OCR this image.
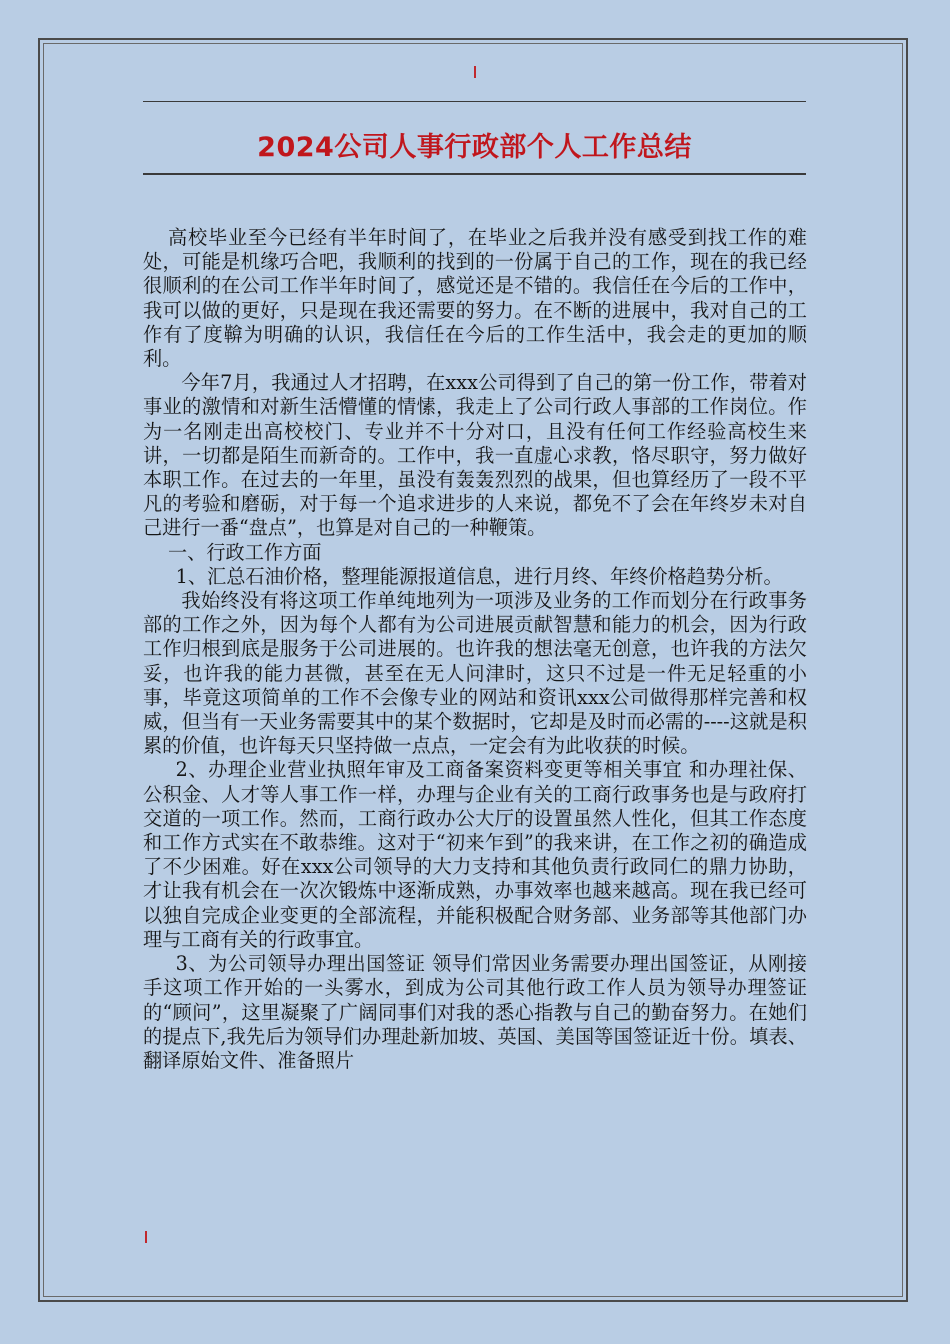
2024公司人事行政部个人工作总结

高校毕业至今已经有半年时间了，在毕业之后我并没有感受到找工作的难处，可能是机缘巧合吧，我顺利的找到的一份属于自己的工作，现在的我已经很顺利的在公司工作半年时间了，感觉还是不错的。我信任在今后的工作中，我可以做的更好，只是现在我还需要的努力。在不断的进展中，我对自己的工作有了度鞥为明确的认识，我信任在今后的工作生活中，我会走的更加的顺利。

今年7月，我通过人才招聘，在xxx公司得到了自己的第一份工作，带着对事业的激情和对新生活懵懂的情愫，我走上了公司行政人事部的工作岗位。作为一名刚走出高校校门、专业并不十分对口，且没有任何工作经验高校生来讲，一切都是陌生而新奇的。工作中，我一直虚心求教，恪尽职守，努力做好本职工作。在过去的一年里，虽没有轰轰烈烈的战果，但也算经历了一段不平凡的考验和磨砺，对于每一个追求进步的人来说，都免不了会在年终岁未对自己进行一番“盘点”，也算是对自己的一种鞭策。

一、行政工作方面

1、汇总石油价格，整理能源报道信息，进行月终、年终价格趋势分析。

我始终没有将这项工作单纯地列为一项涉及业务的工作而划分在行政事务部的工作之外，因为每个人都有为公司进展贡献智慧和能力的机会，因为行政工作归根到底是服务于公司进展的。也许我的想法毫无创意，也许我的方法欠妥，也许我的能力甚微，甚至在无人问津时，这只不过是一件无足轻重的小事，毕竟这项简单的工作不会像专业的网站和资讯xxx公司做得那样完善和权威，但当有一天业务需要其中的某个数据时，它却是及时而必需的----这就是积累的价值，也许每天只坚持做一点点，一定会有为此收获的时候。

2、办理企业营业执照年审及工商备案资料变更等相关事宜 和办理社保、公积金、人才等人事工作一样，办理与企业有关的工商行政事务也是与政府打交道的一项工作。然而，工商行政办公大厅的设置虽然人性化，但其工作态度和工作方式实在不敢恭维。这对于“初来乍到”的我来讲，在工作之初的确造成了不少困难。好在xxx公司领导的大力支持和其他负责行政同仁的鼎力协助，才让我有机会在一次次锻炼中逐渐成熟，办事效率也越来越高。现在我已经可以独自完成企业变更的全部流程，并能积极配合财务部、业务部等其他部门办理与工商有关的行政事宜。

3、为公司领导办理出国签证 领导们常因业务需要办理出国签证，从刚接手这项工作开始的一头雾水，到成为公司其他行政工作人员为领导办理签证的“顾问”，这里凝聚了广阔同事们对我的悉心指教与自己的勤奋努力。在她们的提点下,我先后为领导们办理赴新加坡、英国、美国等国签证近十份。填表、翻译原始文件、准备照片
